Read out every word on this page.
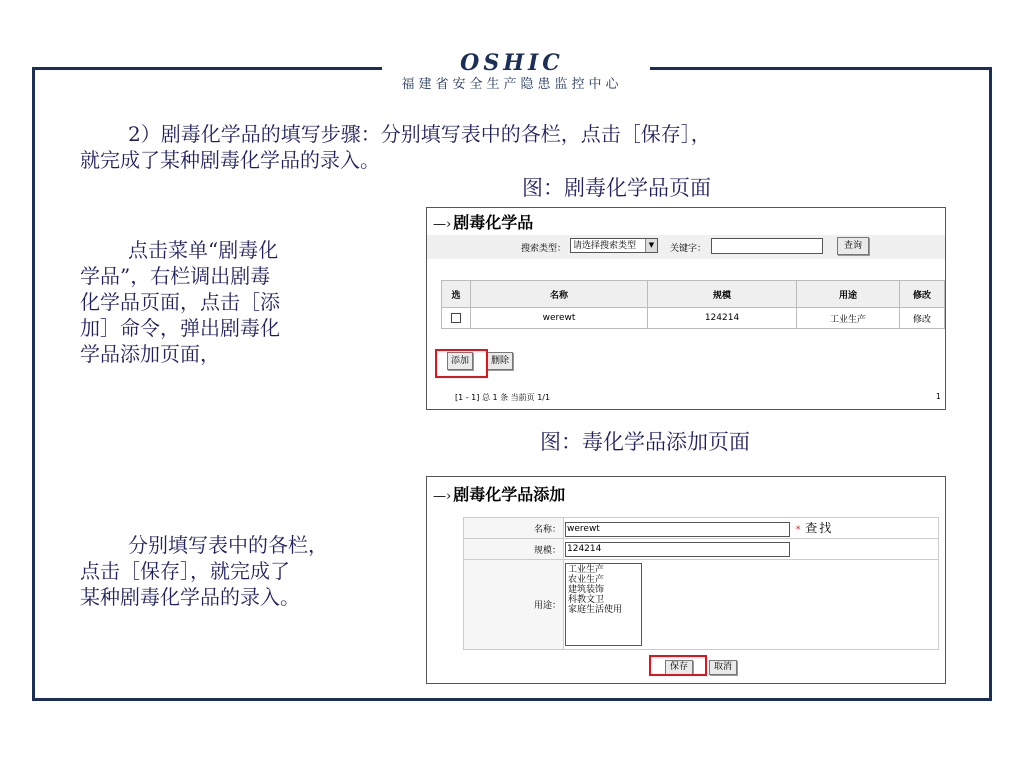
OSHIC
福建省安全生产隐患监控中心
2）剧毒化学品的填写步骤：分别填写表中的各栏，点击［保存］，
就完成了某种剧毒化学品的录入。
图：剧毒化学品页面
点击菜单“剧毒化
学品”，右栏调出剧毒
化学品页面，点击［添
加］命令，弹出剧毒化
学品添加页面，
—› 剧毒化学品
搜索类型： 请选择搜索类型	▼	关键字：	查询
选	名称	规模	用途	修改
	werewt	124214	工业生产	修改
添加	删除
[1 - 1] 总 1 条 当前页 1/1	1
图：毒化学品添加页面
分别填写表中的各栏，
点击［保存］，就完成了
某种剧毒化学品的录入。
—› 剧毒化学品添加
名称：	werewt * 查找
规模：	124214
用途：	工业生产
农业生产
建筑装饰
科教文卫
家庭生活使用
保存	取消
